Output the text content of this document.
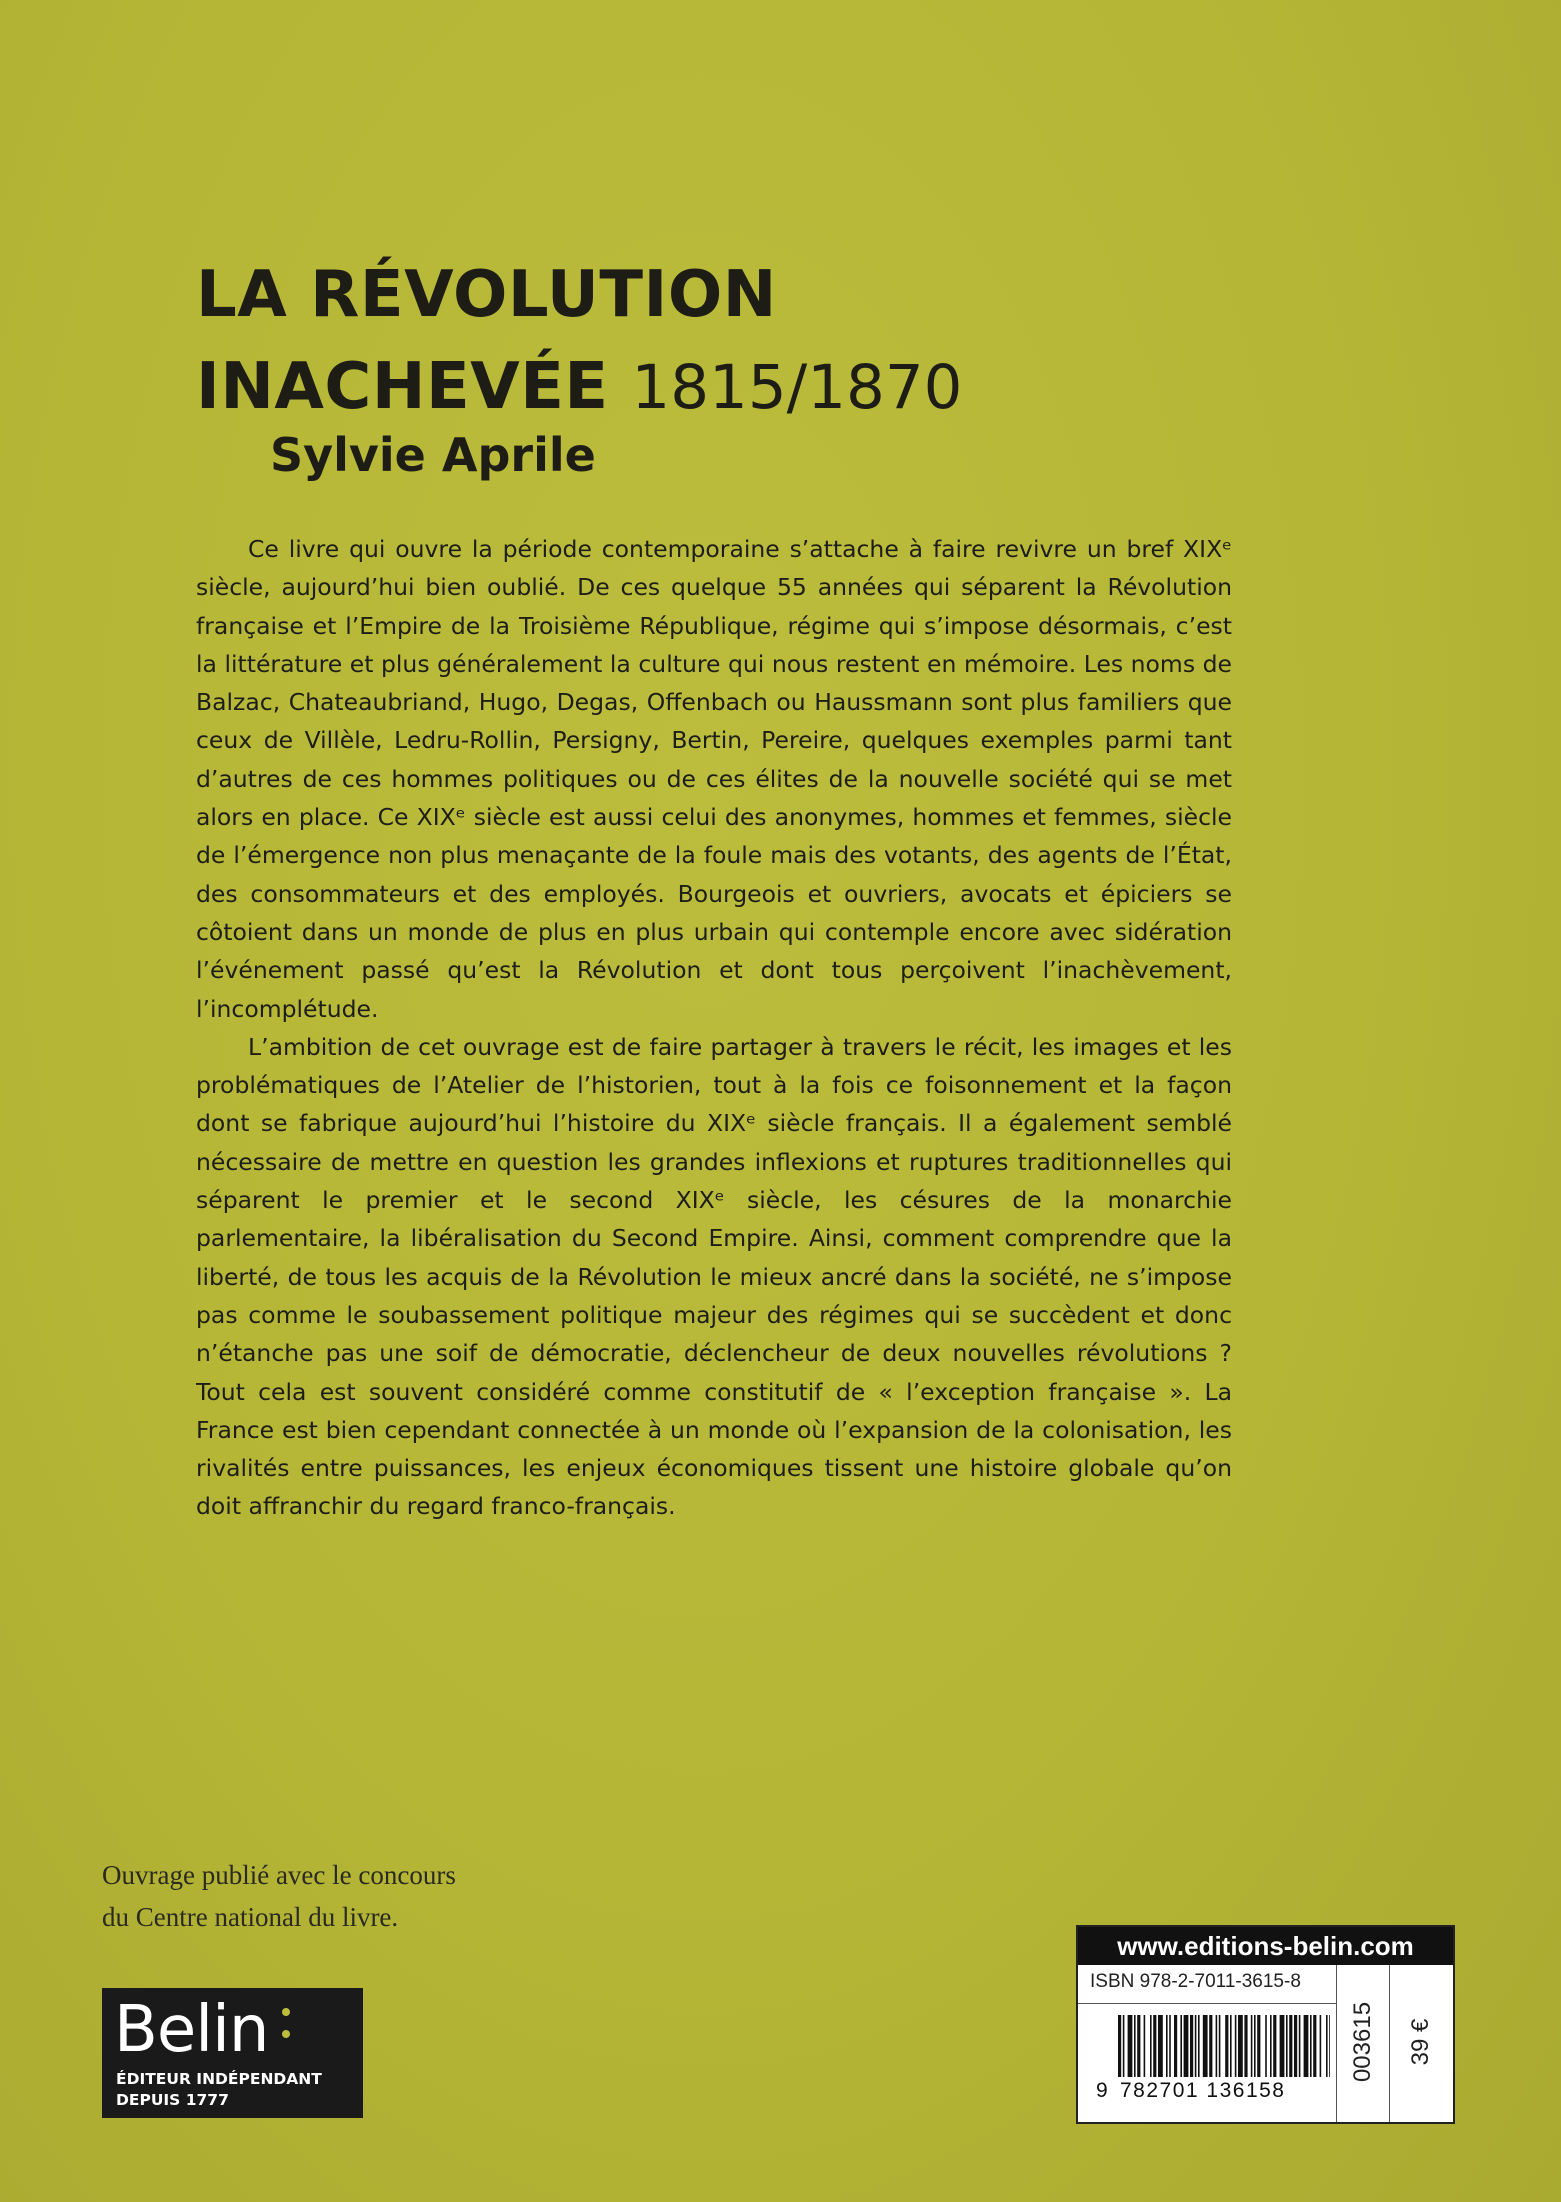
LA RÉVOLUTION
INACHEVÉE 1815/1870
Sylvie Aprile

Ce livre qui ouvre la période contemporaine s’attache à faire revivre un bref XIXᵉ siècle, aujourd’hui bien oublié. De ces quelque 55 années qui séparent la Révolution française et l’Empire de la Troisième République, régime qui s’impose désormais, c’est la littérature et plus généralement la culture qui nous restent en mémoire. Les noms de Balzac, Chateaubriand, Hugo, Degas, Offenbach ou Haussmann sont plus familiers que ceux de Villèle, Ledru-Rollin, Persigny, Bertin, Pereire, quelques exemples parmi tant d’autres de ces hommes politiques ou de ces élites de la nouvelle société qui se met alors en place. Ce XIXᵉ siècle est aussi celui des anonymes, hommes et femmes, siècle de l’émergence non plus menaçante de la foule mais des votants, des agents de l’État, des consommateurs et des employés. Bourgeois et ouvriers, avocats et épiciers se côtoient dans un monde de plus en plus urbain qui contemple encore avec sidération l’événement passé qu’est la Révolution et dont tous perçoivent l’inachèvement, l’incomplétude.

L’ambition de cet ouvrage est de faire partager à travers le récit, les images et les problématiques de l’Atelier de l’historien, tout à la fois ce foisonnement et la façon dont se fabrique aujourd’hui l’histoire du XIXᵉ siècle français. Il a également semblé nécessaire de mettre en question les grandes inflexions et ruptures traditionnelles qui séparent le premier et le second XIXᵉ siècle, les césures de la monarchie parlementaire, la libéralisation du Second Empire. Ainsi, comment comprendre que la liberté, de tous les acquis de la Révolution le mieux ancré dans la société, ne s’impose pas comme le soubassement politique majeur des régimes qui se succèdent et donc n’étanche pas une soif de démocratie, déclencheur de deux nouvelles révolutions ? Tout cela est souvent considéré comme constitutif de « l’exception française ». La France est bien cependant connectée à un monde où l’expansion de la colonisation, les rivalités entre puissances, les enjeux économiques tissent une histoire globale qu’on doit affranchir du regard franco-français.

Ouvrage publié avec le concours
du Centre national du livre.
Belin
ÉDITEUR INDÉPENDANT
DEPUIS 1777
www.editions-belin.com
ISBN 978-2-7011-3615-8
9 782701 136158
003615 39 €
